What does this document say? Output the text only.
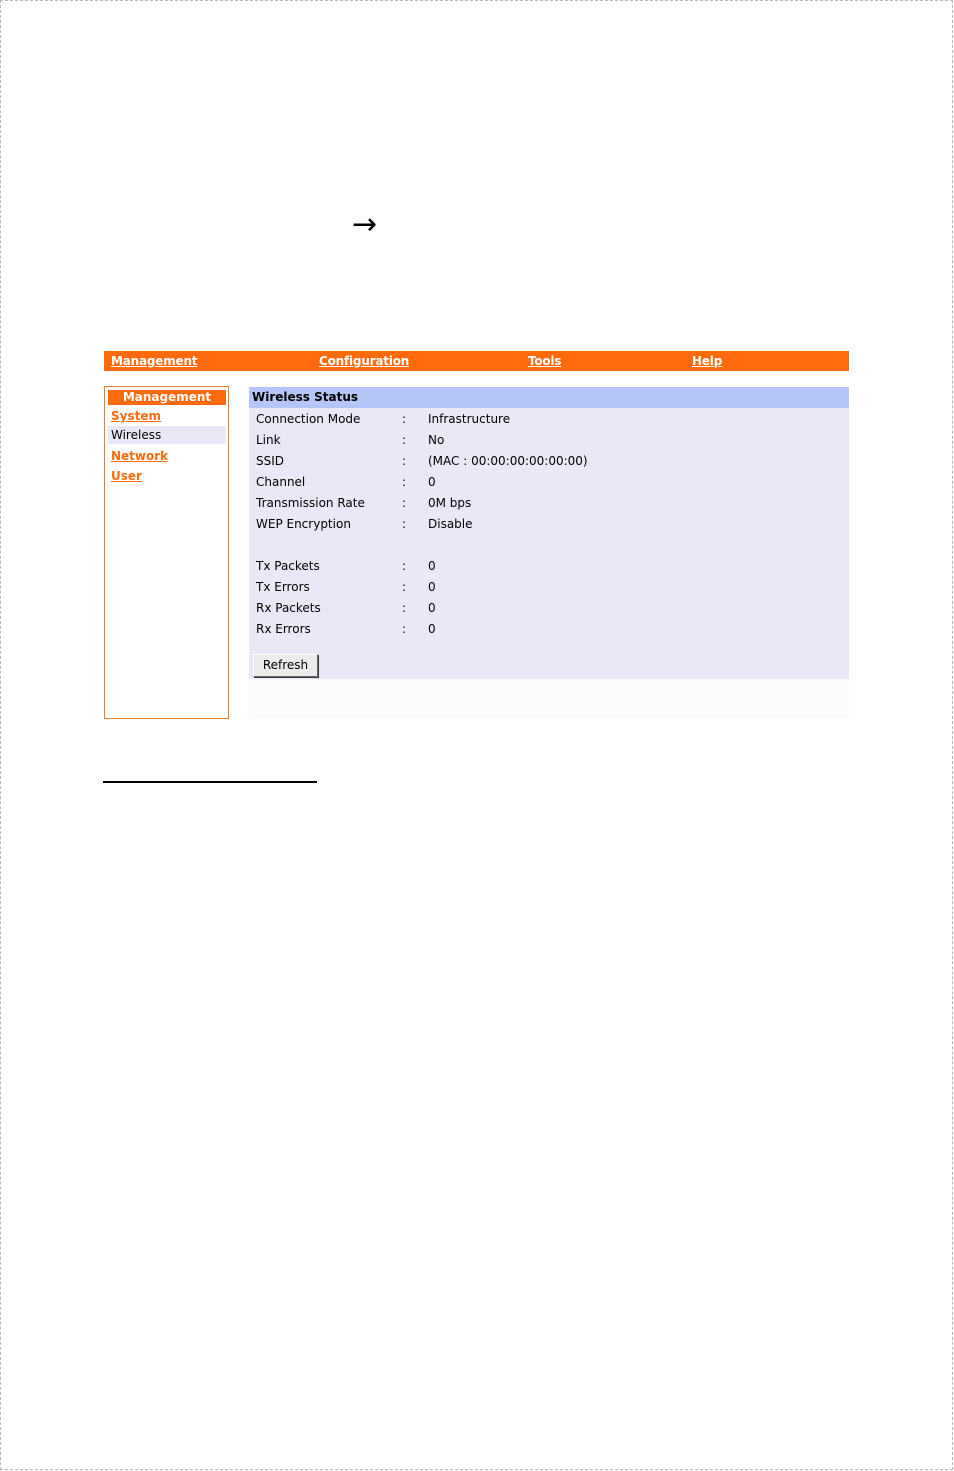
→
Management	Configuration	Tools	Help
Management
System
Wireless
Network
User
Wireless Status
Connection Mode	: Infrastructure
Link	: No
SSID	: (MAC : 00:00:00:00:00:00)
Channel	: 0
Transmission Rate	: 0M bps
WEP Encryption	: Disable
Tx Packets	: 0
Tx Errors	: 0
Rx Packets	: 0
Rx Errors	: 0
Refresh
